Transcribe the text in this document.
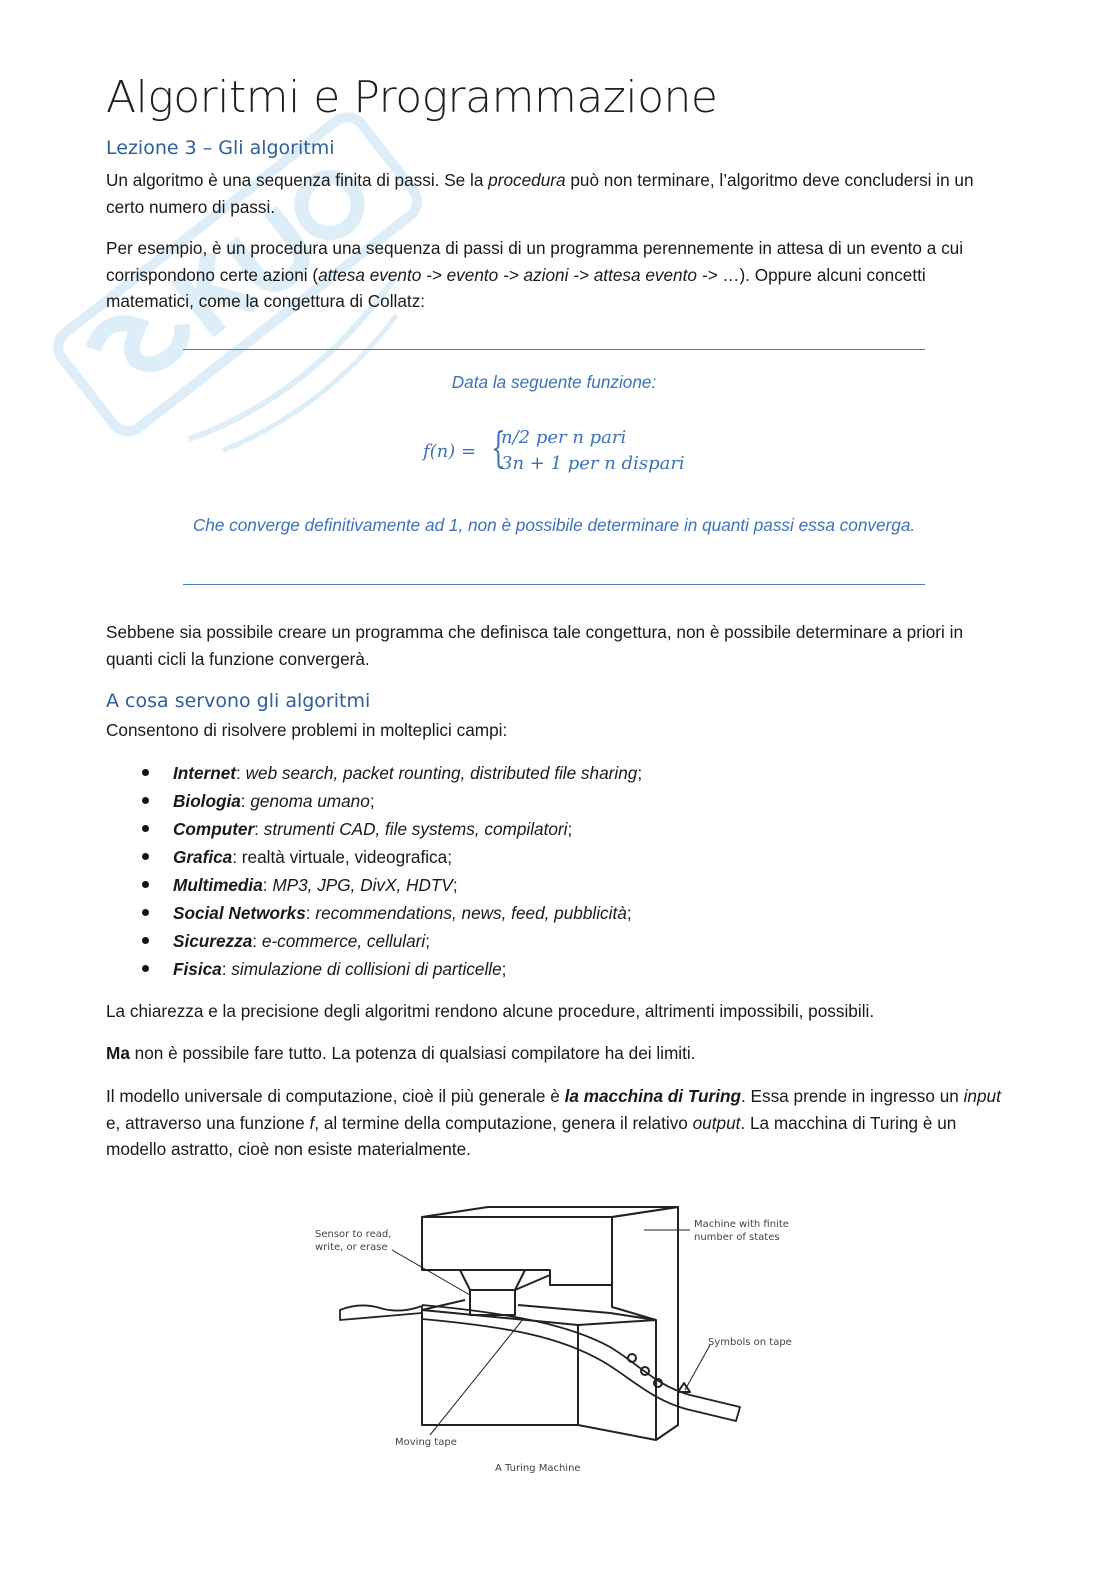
Algoritmi e Programmazione
Lezione 3 – Gli algoritmi

Un algoritmo è una sequenza finita di passi. Se la procedura può non terminare, l’algoritmo deve concludersi in un certo numero di passi.

Per esempio, è un procedura una sequenza di passi di un programma perennemente in attesa di un evento a cui corrispondono certe azioni (attesa evento -> evento -> azioni -> attesa evento -> …). Oppure alcuni concetti matematici, come la congettura di Collatz:

Data la seguente funzione:

f(n) = {
n/2 per n pari
3n + 1 per n dispari

Che converge definitivamente ad 1, non è possibile determinare in quanti passi essa converga.

Sebbene sia possibile creare un programma che definisca tale congettura, non è possibile determinare a priori in quanti cicli la funzione convergerà.

A cosa servono gli algoritmi

Consentono di risolvere problemi in molteplici campi:

Internet: web search, packet rounting, distributed file sharing;
Biologia: genoma umano;
Computer: strumenti CAD, file systems, compilatori;
Grafica: realtà virtuale, videografica;
Multimedia: MP3, JPG, DivX, HDTV;
Social Networks: recommendations, news, feed, pubblicità;
Sicurezza: e-commerce, cellulari;
Fisica: simulazione di collisioni di particelle;

La chiarezza e la precisione degli algoritmi rendono alcune procedure, altrimenti impossibili, possibili.

Ma non è possibile fare tutto. La potenza di qualsiasi compilatore ha dei limiti.

Il modello universale di computazione, cioè il più generale è la macchina di Turing. Essa prende in ingresso un input e, attraverso una funzione f, al termine della computazione, genera il relativo output. La macchina di Turing è un modello astratto, cioè non esiste materialmente.

Sensor to read,
write, or erase
Machine with finite
number of states
Symbols on tape
Moving tape
A Turing Machine
